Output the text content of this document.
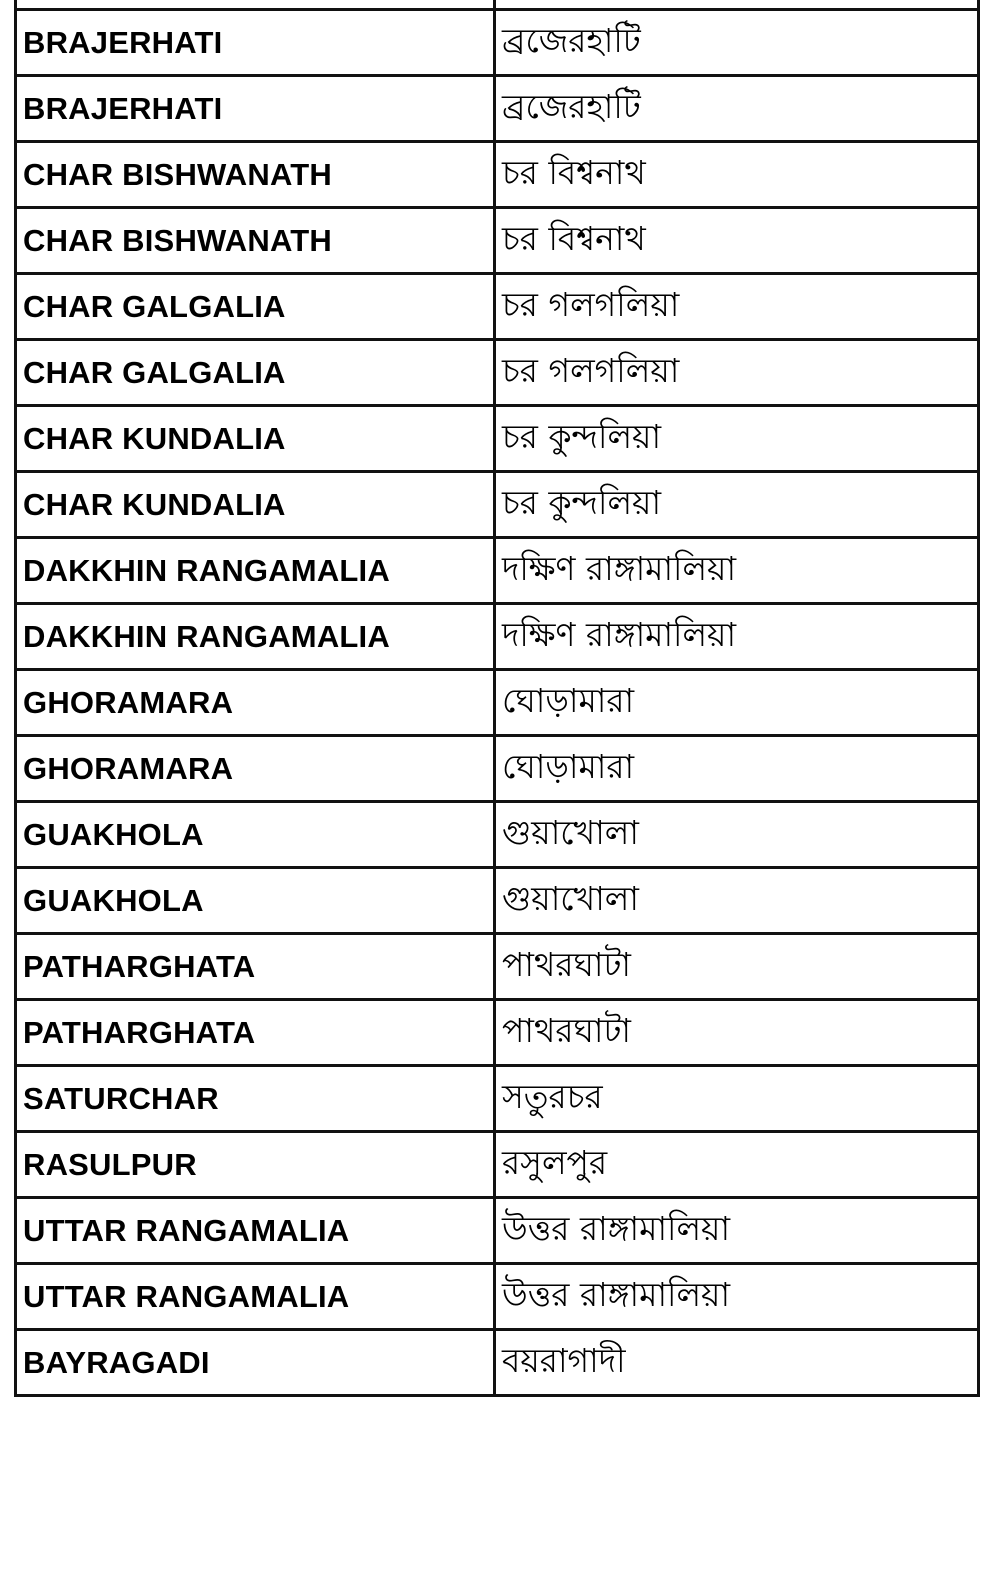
BRAJERHATI	ব্রজেরহাটি
BRAJERHATI	ব্রজেরহাটি
CHAR BISHWANATH	চর বিশ্বনাথ
CHAR BISHWANATH	চর বিশ্বনাথ
CHAR GALGALIA	চর গলগলিয়া
CHAR GALGALIA	চর গলগলিয়া
CHAR KUNDALIA	চর কুন্দলিয়া
CHAR KUNDALIA	চর কুন্দলিয়া
DAKKHIN RANGAMALIA	দক্ষিণ রাঙ্গামালিয়া
DAKKHIN RANGAMALIA	দক্ষিণ রাঙ্গামালিয়া
GHORAMARA	ঘোড়ামারা
GHORAMARA	ঘোড়ামারা
GUAKHOLA	গুয়াখোলা
GUAKHOLA	গুয়াখোলা
PATHARGHATA	পাথরঘাটা
PATHARGHATA	পাথরঘাটা
SATURCHAR	সতুরচর
RASULPUR	রসুলপুর
UTTAR RANGAMALIA	উত্তর রাঙ্গামালিয়া
UTTAR RANGAMALIA	উত্তর রাঙ্গামালিয়া
BAYRAGADI	বয়রাগাদী
